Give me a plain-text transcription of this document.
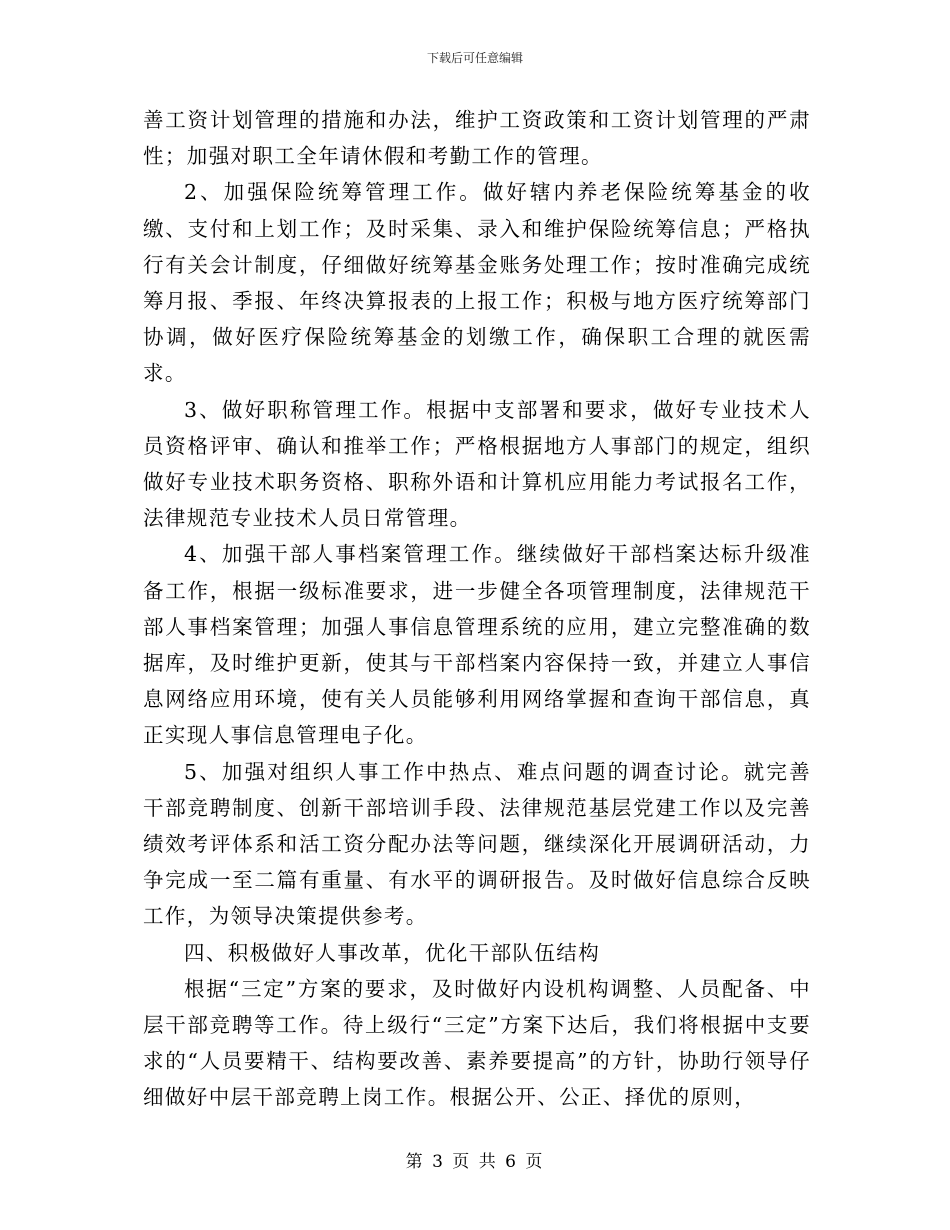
下载后可任意编辑

善工资计划管理的措施和办法，维护工资政策和工资计划管理的严肃性；加强对职工全年请休假和考勤工作的管理。

2、加强保险统筹管理工作。做好辖内养老保险统筹基金的收缴、支付和上划工作；及时采集、录入和维护保险统筹信息；严格执行有关会计制度，仔细做好统筹基金账务处理工作；按时准确完成统筹月报、季报、年终决算报表的上报工作；积极与地方医疗统筹部门协调，做好医疗保险统筹基金的划缴工作，确保职工合理的就医需求。

3、做好职称管理工作。根据中支部署和要求，做好专业技术人员资格评审、确认和推举工作；严格根据地方人事部门的规定，组织做好专业技术职务资格、职称外语和计算机应用能力考试报名工作，法律规范专业技术人员日常管理。

4、加强干部人事档案管理工作。继续做好干部档案达标升级准备工作，根据一级标准要求，进一步健全各项管理制度，法律规范干部人事档案管理；加强人事信息管理系统的应用，建立完整准确的数据库，及时维护更新，使其与干部档案内容保持一致，并建立人事信息网络应用环境，使有关人员能够利用网络掌握和查询干部信息，真正实现人事信息管理电子化。

5、加强对组织人事工作中热点、难点问题的调查讨论。就完善干部竞聘制度、创新干部培训手段、法律规范基层党建工作以及完善绩效考评体系和活工资分配办法等问题，继续深化开展调研活动，力争完成一至二篇有重量、有水平的调研报告。及时做好信息综合反映工作，为领导决策提供参考。

四、积极做好人事改革，优化干部队伍结构

根据“三定”方案的要求，及时做好内设机构调整、人员配备、中层干部竞聘等工作。待上级行“三定”方案下达后，我们将根据中支要求的“人员要精干、结构要改善、素养要提高”的方针，协助行领导仔细做好中层干部竞聘上岗工作。根据公开、公正、择优的原则，

第 3 页 共 6 页
